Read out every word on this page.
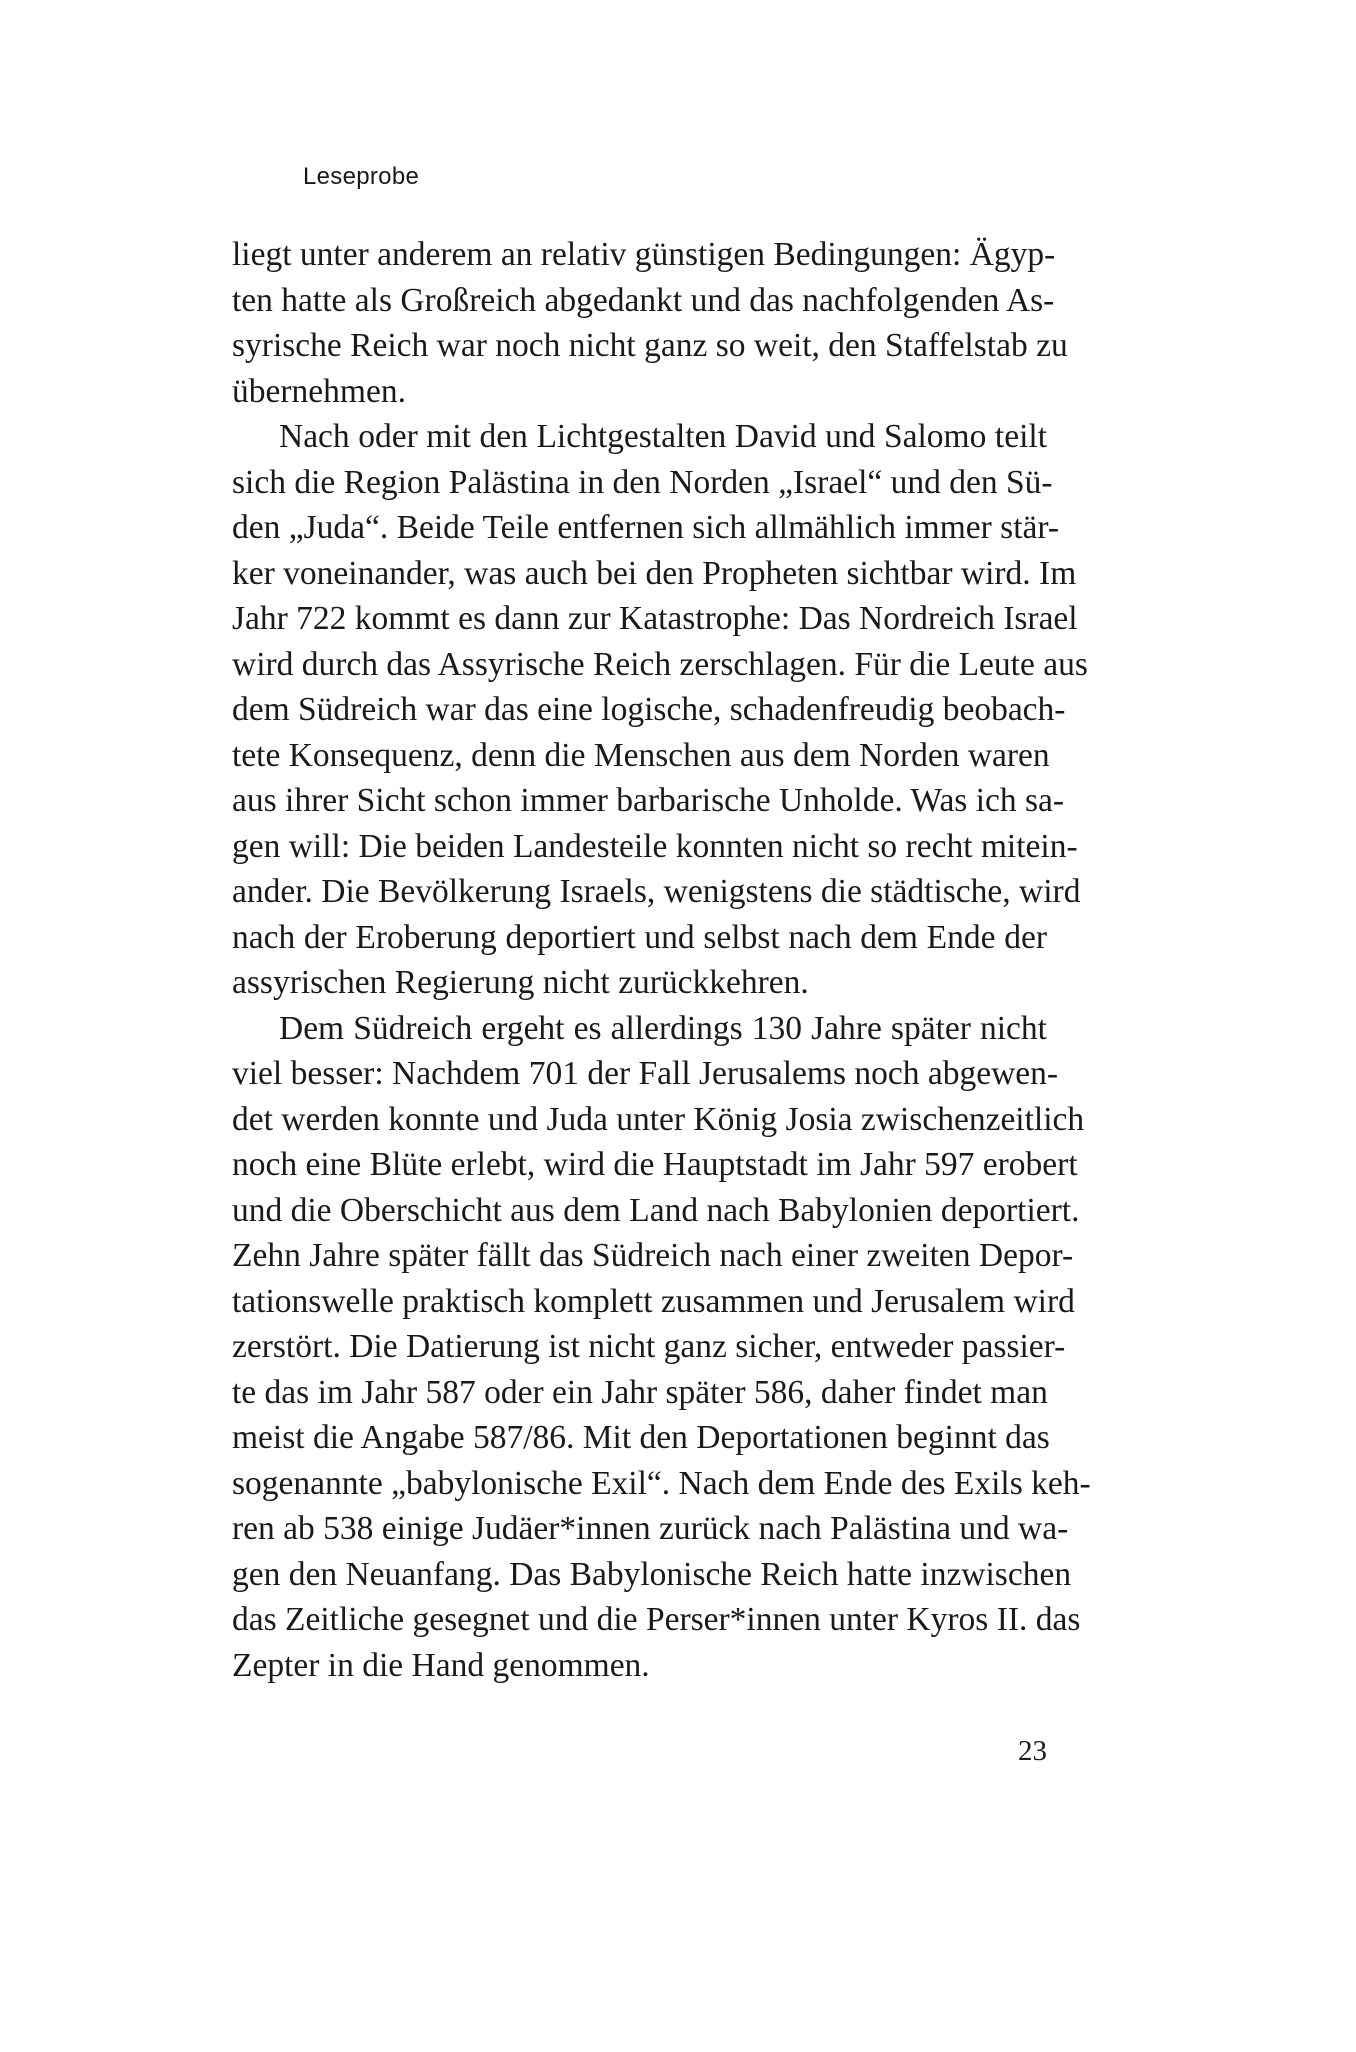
Leseprobe
liegt unter anderem an relativ günstigen Bedingungen: Ägyp-
ten hatte als Großreich abgedankt und das nachfolgenden As-
syrische Reich war noch nicht ganz so weit, den Staffelstab zu
übernehmen.
Nach oder mit den Lichtgestalten David und Salomo teilt
sich die Region Palästina in den Norden „Israel“ und den Sü-
den „Juda“. Beide Teile entfernen sich allmählich immer stär-
ker voneinander, was auch bei den Propheten sichtbar wird. Im
Jahr 722 kommt es dann zur Katastrophe: Das Nordreich Israel
wird durch das Assyrische Reich zerschlagen. Für die Leute aus
dem Südreich war das eine logische, schadenfreudig beobach-
tete Konsequenz, denn die Menschen aus dem Norden waren
aus ihrer Sicht schon immer barbarische Unholde. Was ich sa-
gen will: Die beiden Landesteile konnten nicht so recht mitein-
ander. Die Bevölkerung Israels, wenigstens die städtische, wird
nach der Eroberung deportiert und selbst nach dem Ende der
assyrischen Regierung nicht zurückkehren.
Dem Südreich ergeht es allerdings 130 Jahre später nicht
viel besser: Nachdem 701 der Fall Jerusalems noch abgewen-
det werden konnte und Juda unter König Josia zwischenzeitlich
noch eine Blüte erlebt, wird die Hauptstadt im Jahr 597 erobert
und die Oberschicht aus dem Land nach Babylonien deportiert.
Zehn Jahre später fällt das Südreich nach einer zweiten Depor-
tationswelle praktisch komplett zusammen und Jerusalem wird
zerstört. Die Datierung ist nicht ganz sicher, entweder passier-
te das im Jahr 587 oder ein Jahr später 586, daher findet man
meist die Angabe 587/86. Mit den Deportationen beginnt das
sogenannte „babylonische Exil“. Nach dem Ende des Exils keh-
ren ab 538 einige Judäer*innen zurück nach Palästina und wa-
gen den Neuanfang. Das Babylonische Reich hatte inzwischen
das Zeitliche gesegnet und die Perser*innen unter Kyros II. das
Zepter in die Hand genommen.
23
